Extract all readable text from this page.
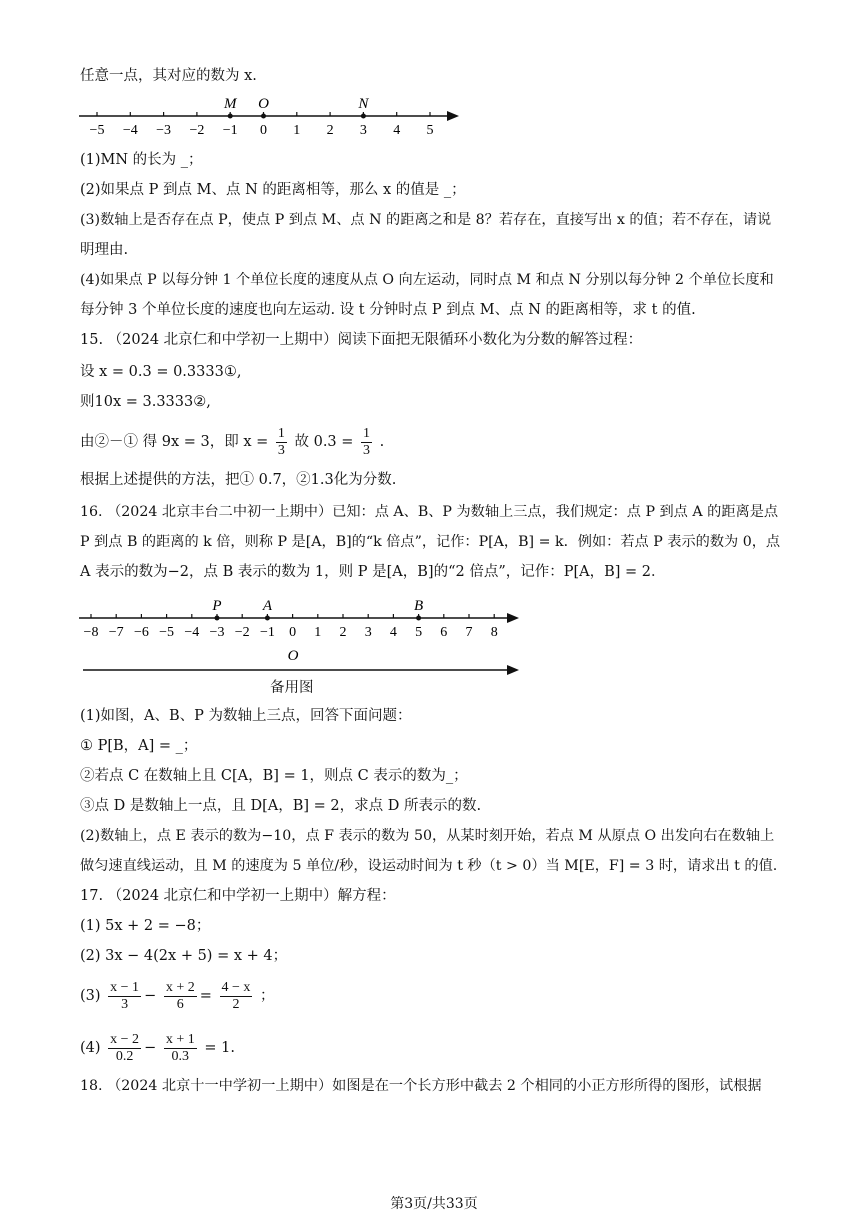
任意一点，其对应的数为 x.
−5 −4 −3 −2 −1 0 1 2 3 4 5
M O	N
(1)MN 的长为 _；
(2)如果点 P 到点 M、点 N 的距离相等，那么 x 的值是 _；
(3)数轴上是否存在点 P，使点 P 到点 M、点 N 的距离之和是 8？若存在，直接写出 x 的值；若不存在，请说
明理由.
(4)如果点 P 以每分钟 1 个单位长度的速度从点 O 向左运动，同时点 M 和点 N 分别以每分钟 2 个单位长度和
每分钟 3 个单位长度的速度也向左运动. 设 t 分钟时点 P 到点 M、点 N 的距离相等，求 t 的值.
15. （2024 北京仁和中学初一上期中）阅读下面把无限循环小数化为分数的解答过程：
设 x = 0.3 = 0.3333①,
则10x = 3.3333②,
由②－① 得 9x = 3，即 $x = \frac{1}{3}$ 故 $0.3 = \frac{1}{3}$ .
根据上述提供的方法，把① 0.7，②1.3化为分数.
16. （2024 北京丰台二中初一上期中）已知：点 A、B、P 为数轴上三点，我们规定：点 P 到点 A 的距离是点
P 到点 B 的距离的 k 倍，则称 P 是[A，B]的“k 倍点”，记作：P[A，B] = k．例如：若点 P 表示的数为 0，点
A 表示的数为−2，点 B 表示的数为 1，则 P 是[A，B]的“2 倍点”，记作：P[A，B] = 2．
−8 −7 −6 −5 −4 −3 −2 −1 0 1 2 3 4 5 6 7 8
P	A	B
O
备用图
(1)如图，A、B、P 为数轴上三点，回答下面问题：
① P[B，A] = _；
②若点 C 在数轴上且 C[A，B] = 1，则点 C 表示的数为_；
③点 D 是数轴上一点，且 D[A，B] = 2，求点 D 所表示的数.
(2)数轴上，点 E 表示的数为−10，点 F 表示的数为 50，从某时刻开始，若点 M 从原点 O 出发向右在数轴上
做匀速直线运动，且 M 的速度为 5 单位/秒，设运动时间为 t 秒（t > 0）当 M[E，F] = 3 时，请求出 t 的值.
17. （2024 北京仁和中学初一上期中）解方程：
(1) 5x + 2 = −8；
(2) 3x − 4(2x + 5) = x + 4；
$(3) \frac{x - 1}{3} - \frac{x + 2}{6} = \frac{4 - x}{2}$ ；
$(4) \frac{x - 2}{0.2} - \frac{x + 1}{0.3} = 1$.
18. （2024 北京十一中学初一上期中）如图是在一个长方形中截去 2 个相同的小正方形所得的图形，试根据
第3页/共33页
